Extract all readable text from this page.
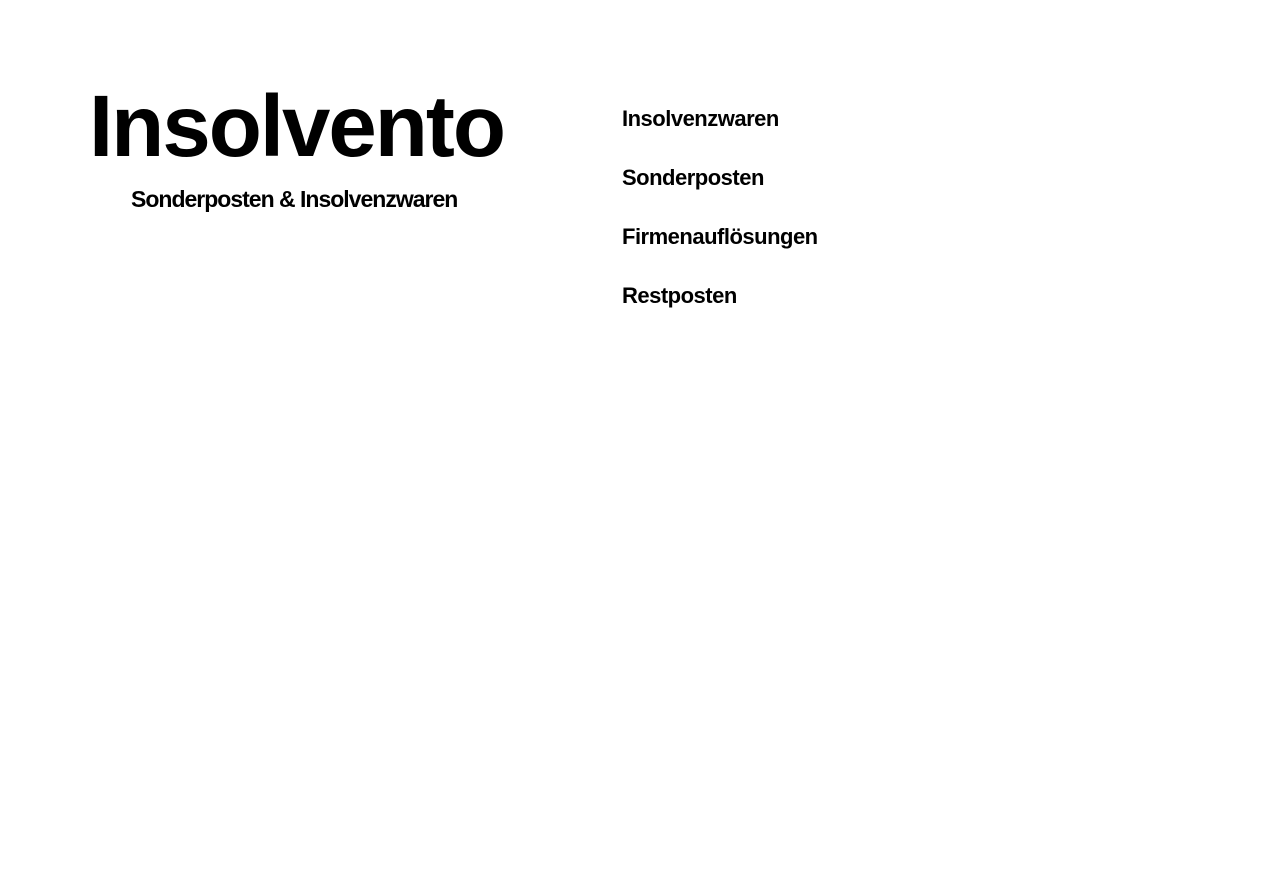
Insolvento
Sonderposten & Insolvenzwaren
Insolvenzwaren
Sonderposten
Firmenauflösungen
Restposten
